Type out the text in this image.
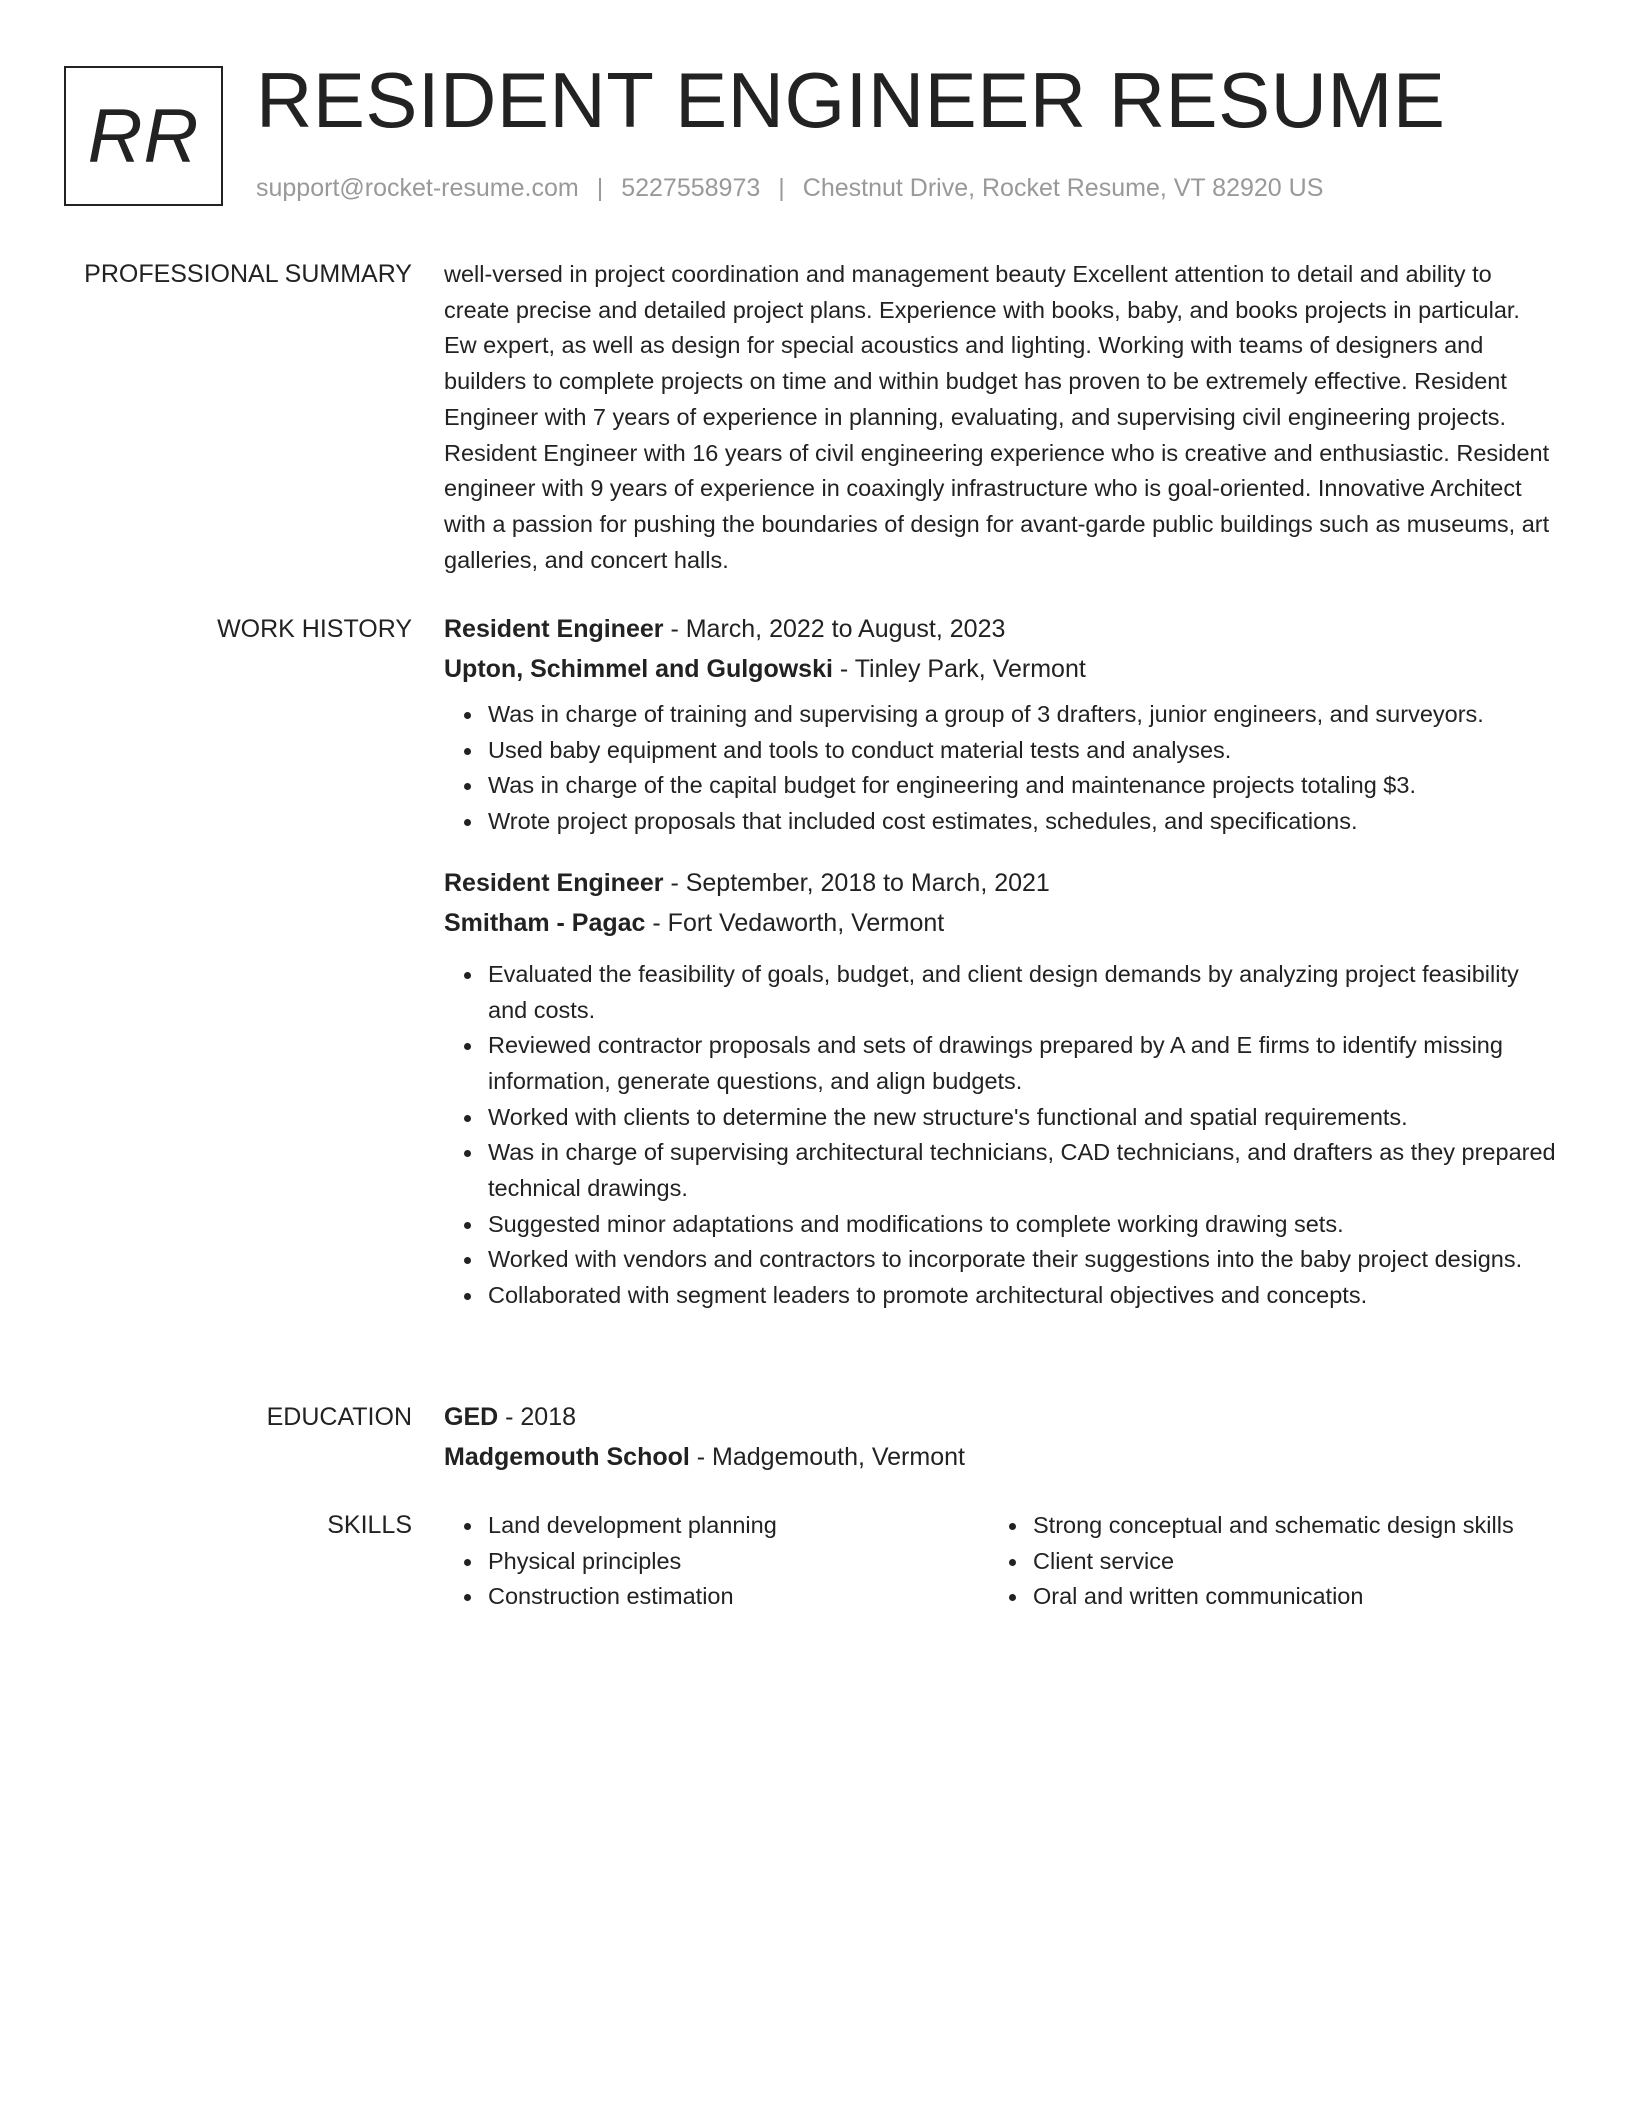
RR RESIDENT ENGINEER RESUME
support@rocket-resume.com | 5227558973 | Chestnut Drive, Rocket Resume, VT 82920 US
PROFESSIONAL SUMMARY well-versed in project coordination and management beauty Excellent attention to detail and ability to create precise and detailed project plans. Experience with books, baby, and books projects in particular. Ew expert, as well as design for special acoustics and lighting. Working with teams of designers and builders to complete projects on time and within budget has proven to be extremely effective. Resident Engineer with 7 years of experience in planning, evaluating, and supervising civil engineering projects. Resident Engineer with 16 years of civil engineering experience who is creative and enthusiastic. Resident engineer with 9 years of experience in coaxingly infrastructure who is goal-oriented. Innovative Architect with a passion for pushing the boundaries of design for avant-garde public buildings such as museums, art galleries, and concert halls.

WORK HISTORY Resident Engineer - March, 2022 to August, 2023

Upton, Schimmel and Gulgowski - Tinley Park, Vermont

Was in charge of training and supervising a group of 3 drafters, junior engineers, and surveyors.
Used baby equipment and tools to conduct material tests and analyses.
Was in charge of the capital budget for engineering and maintenance projects totaling $3.
Wrote project proposals that included cost estimates, schedules, and specifications.

Resident Engineer - September, 2018 to March, 2021

Smitham - Pagac - Fort Vedaworth, Vermont

Evaluated the feasibility of goals, budget, and client design demands by analyzing project feasibility and costs.
Reviewed contractor proposals and sets of drawings prepared by A and E firms to identify missing information, generate questions, and align budgets.
Worked with clients to determine the new structure's functional and spatial requirements.
Was in charge of supervising architectural technicians, CAD technicians, and drafters as they prepared technical drawings.
Suggested minor adaptations and modifications to complete working drawing sets.
Worked with vendors and contractors to incorporate their suggestions into the baby project designs.
Collaborated with segment leaders to promote architectural objectives and concepts.
EDUCATION GED - 2018

Madgemouth School - Madgemouth, Vermont

SKILLS	Land development planning
Physical principles
Construction estimation
Strong conceptual and schematic design skills
Client service
Oral and written communication
